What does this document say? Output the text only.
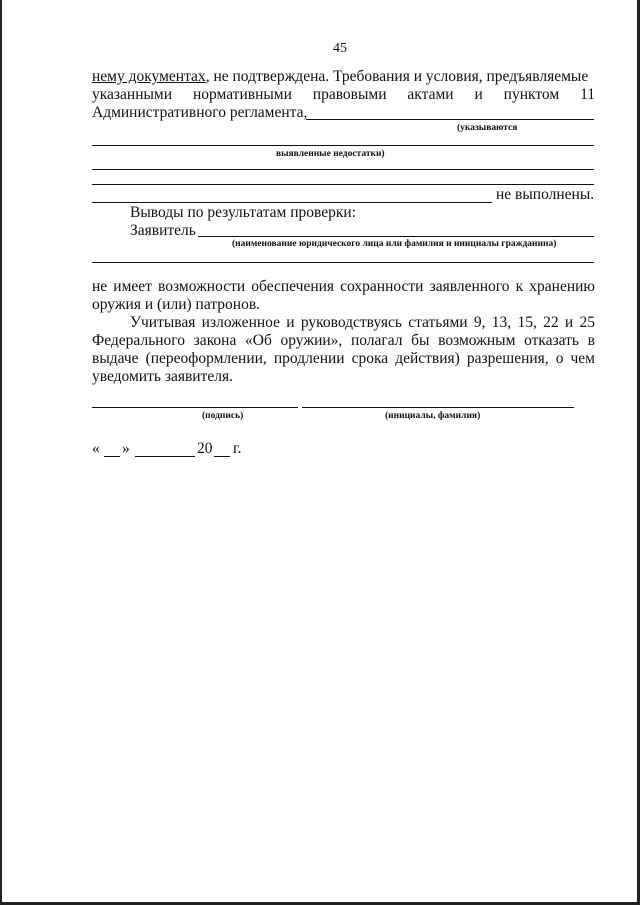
45
нему документах, не подтверждена. Требования и условия, предъявляемые
указанными нормативными правовыми актами и пунктом 11
Административного регламента,
(указываются
выявленные недостатки)
не выполнены.
Выводы по результатам проверки:
Заявитель
(наименование юридического лица или фамилия и инициалы гражданина)
не имеет возможности обеспечения сохранности заявленного к хранению
оружия и (или) патронов.
Учитывая изложенное и руководствуясь статьями 9, 13, 15, 22 и 25
Федерального закона «Об оружии», полагал бы возможным отказать в
выдаче (переоформлении, продлении срока действия) разрешения, о чем
уведомить заявителя.
(подпись)	(инициалы, фамилия)
« »	20 г.
